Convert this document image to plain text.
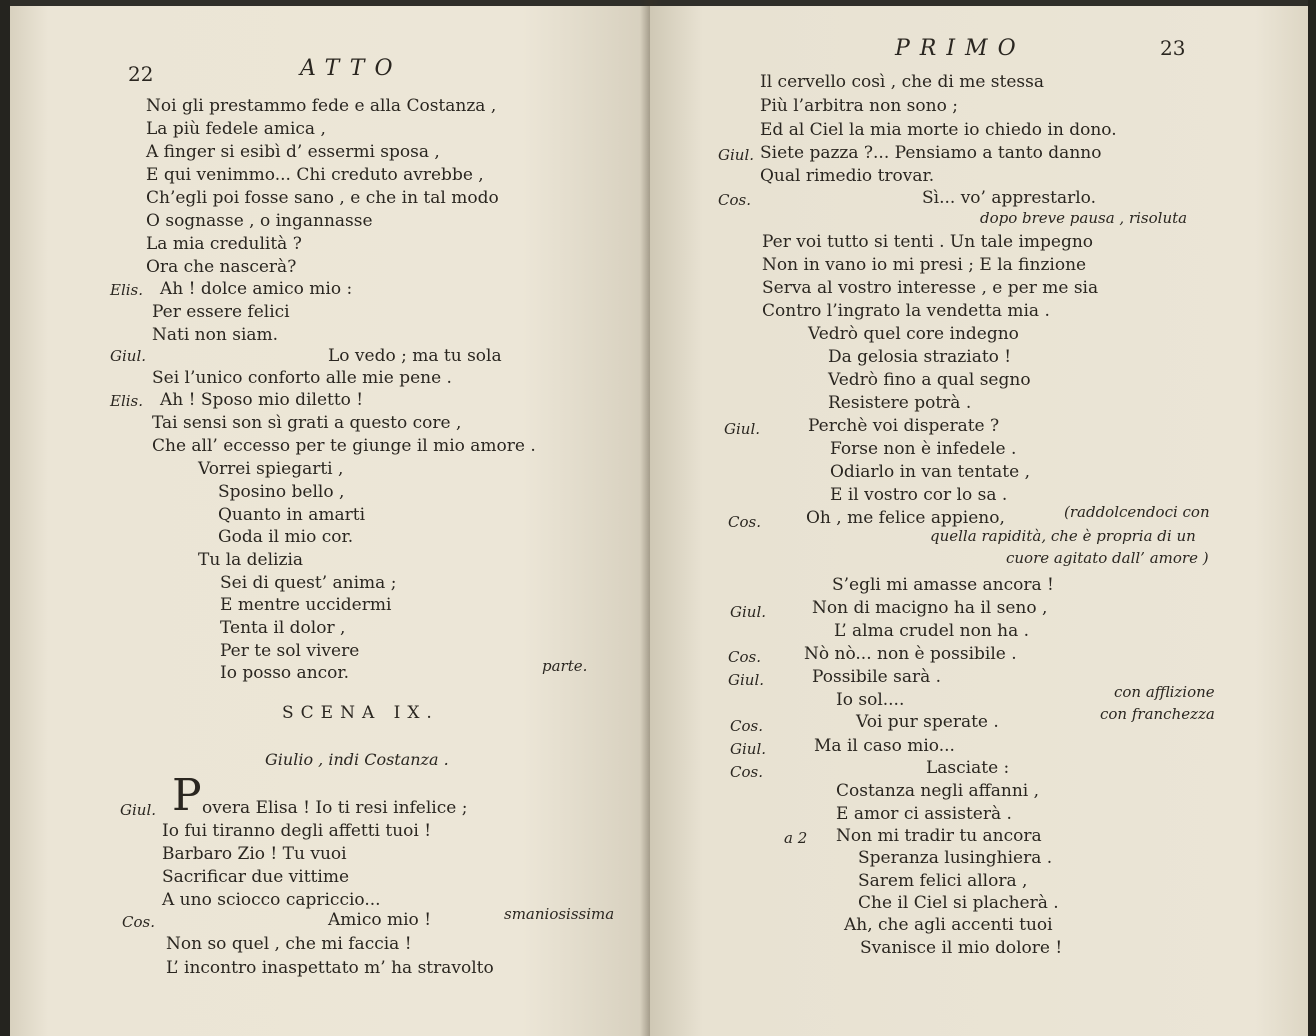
22	ATTO
Noi gli prestammo fede e alla Costanza ,
La più fedele amica ,
A finger si esibì d’ essermi sposa ,
E qui venimmo... Chi creduto avrebbe ,
Ch’egli poi fosse sano , e che in tal modo
O sognasse , o ingannasse
La mia credulità ?
Ora che nascerà?
Elis. Ah ! dolce amico mio :
Per essere felici
Nati non siam.
Giul.	Lo vedo ; ma tu sola
Sei l’unico conforto alle mie pene .
Elis. Ah ! Sposo mio diletto !
Tai sensi son sì grati a questo core ,
Che all’ eccesso per te giunge il mio amore .
Vorrei spiegarti ,
Sposino bello ,
Quanto in amarti
Goda il mio cor.
Tu la delizia
Sei di quest’ anima ;
E mentre uccidermi
Tenta il dolor ,
Per te sol vivere
Io posso ancor.	parte.
SCENA IX.
Giulio , indi Costanza .
Giul. P overa Elisa ! Io ti resi infelice ;
Io fui tiranno degli affetti tuoi !
Barbaro Zio ! Tu vuoi
Sacrificar due vittime
A uno sciocco capriccio...
Cos.	Amico mio !	smaniosissima
Non so quel , che mi faccia !
L’ incontro inaspettato m’ ha stravolto
PRIMO	23
Il cervello così , che di me stessa
Più l’arbitra non sono ;
Ed al Ciel la mia morte io chiedo in dono.
Giul. Siete pazza ?... Pensiamo a tanto danno
Qual rimedio trovar.
Cos.	Sì... vo’ apprestarlo.
dopo breve pausa , risoluta
Per voi tutto si tenti . Un tale impegno
Non in vano io mi presi ; E la finzione
Serva al vostro interesse , e per me sia
Contro l’ingrato la vendetta mia .
Vedrò quel core indegno
Da gelosia straziato !
Vedrò fino a qual segno
Resistere potrà .
Giul.	Perchè voi disperate ?
Forse non è infedele .
Odiarlo in van tentate ,
E il vostro cor lo sa .
Cos.	Oh , me felice appieno,	(raddolcendoci con
quella rapidità, che è propria di un
cuore agitato dall’ amore )
S’egli mi amasse ancora !
Giul.	Non di macigno ha il seno ,
L’ alma crudel non ha .
Cos.	Nò nò... non è possibile .
Giul.	Possibile sarà .
Io sol....	con afflizione
Cos.	Voi pur sperate .	con franchezza
Giul.	Ma il caso mio...
Cos.	Lasciate :
Costanza negli affanni ,
E amor ci assisterà .
a 2 Non mi tradir tu ancora
Speranza lusinghiera .
Sarem felici allora ,
Che il Ciel si placherà .
Ah, che agli accenti tuoi
Svanisce il mio dolore !
